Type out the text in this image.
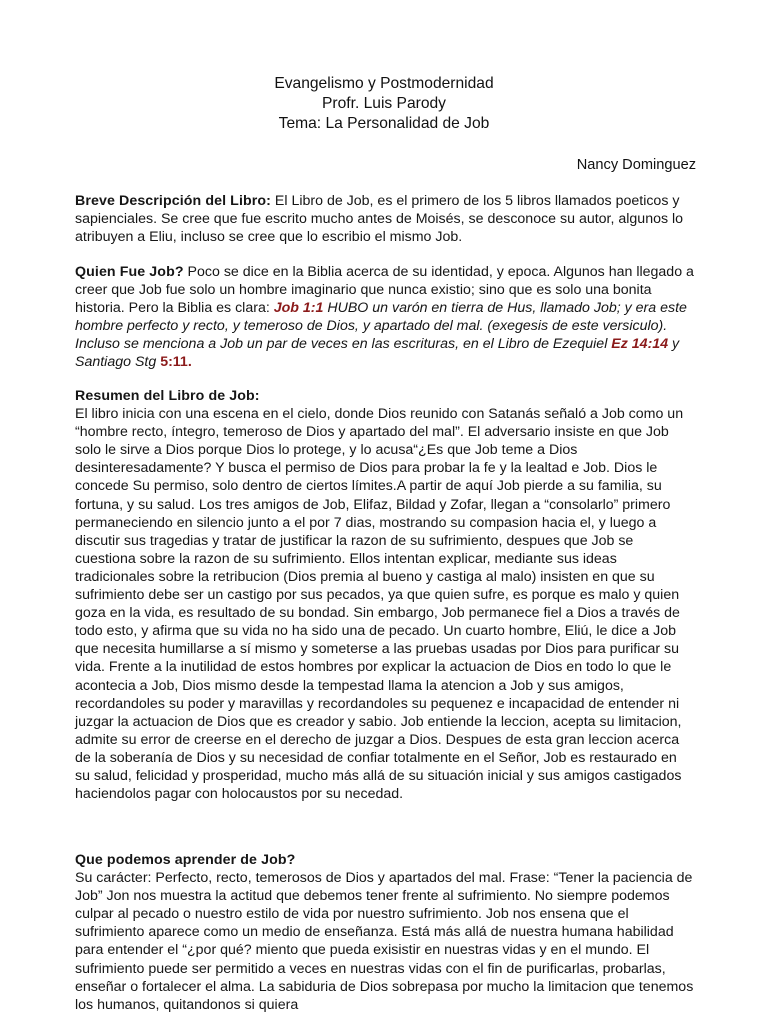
Evangelismo y Postmodernidad
Profr. Luis Parody
Tema: La Personalidad de Job
Nancy Dominguez
Breve Descripción del Libro: El Libro de Job, es el primero de los 5 libros llamados poeticos y sapienciales. Se cree que fue escrito mucho antes de Moisés, se desconoce su autor, algunos lo atribuyen a Eliu, incluso se cree que lo escribio el mismo Job.
Quien Fue Job? Poco se dice en la Biblia acerca de su identidad, y epoca. Algunos han llegado a creer que Job fue solo un hombre imaginario que nunca existio; sino que es solo una bonita historia. Pero la Biblia es clara: Job 1:1 HUBO un varón en tierra de Hus, llamado Job; y era este hombre perfecto y recto, y temeroso de Dios, y apartado del mal. (exegesis de este versiculo). Incluso se menciona a Job un par de veces en las escrituras, en el Libro de Ezequiel Ez 14:14 y Santiago Stg 5:11.
Resumen del Libro de Job:
El libro inicia con una escena en el cielo, donde Dios reunido con Satanás señaló a Job como un “hombre recto, íntegro, temeroso de Dios y apartado del mal”. El adversario insiste en que Job solo le sirve a Dios porque Dios lo protege, y lo acusa“¿Es que Job teme a Dios desinteresadamente? Y busca el permiso de Dios para probar la fe y la lealtad e Job. Dios le concede Su permiso, solo dentro de ciertos límites.A partir de aquí Job pierde a su familia, su fortuna, y su salud. Los tres amigos de Job, Elifaz, Bildad y Zofar, llegan a “consolarlo” primero permaneciendo en silencio junto a el por 7 dias, mostrando su compasion hacia el, y luego a discutir sus tragedias y tratar de justificar la razon de su sufrimiento, despues que Job se cuestiona sobre la razon de su sufrimiento. Ellos intentan explicar, mediante sus ideas tradicionales sobre la retribucion (Dios premia al bueno y castiga al malo) insisten en que su sufrimiento debe ser un castigo por sus pecados, ya que quien sufre, es porque es malo y quien goza en la vida, es resultado de su bondad. Sin embargo, Job permanece fiel a Dios a través de todo esto, y afirma que su vida no ha sido una de pecado. Un cuarto hombre, Eliú, le dice a Job que necesita humillarse a sí mismo y someterse a las pruebas usadas por Dios para purificar su vida. Frente a la inutilidad de estos hombres por explicar la actuacion de Dios en todo lo que le acontecia a Job, Dios mismo desde la tempestad llama la atencion a Job y sus amigos, recordandoles su poder y maravillas y recordandoles su pequenez e incapacidad de entender ni juzgar la actuacion de Dios que es creador y sabio. Job entiende la leccion, acepta su limitacion, admite su error de creerse en el derecho de juzgar a Dios. Despues de esta gran leccion acerca de la soberanía de Dios y su necesidad de confiar totalmente en el Señor, Job es restaurado en su salud, felicidad y prosperidad, mucho más allá de su situación inicial y sus amigos castigados haciendolos pagar con holocaustos por su necedad.
Que podemos aprender de Job?
Su carácter: Perfecto, recto, temerosos de Dios y apartados del mal. Frase: “Tener la paciencia de Job” Jon nos muestra la actitud que debemos tener frente al sufrimiento. No siempre podemos culpar al pecado o nuestro estilo de vida por nuestro sufrimiento. Job nos ensena que el sufrimiento aparece como un medio de enseñanza. Está más allá de nuestra humana habilidad para entender el “¿por qué? miento que pueda exisistir en nuestras vidas y en el mundo. El sufrimiento puede ser permitido a veces en nuestras vidas con el fin de purificarlas, probarlas, enseñar o fortalecer el alma. La sabiduria de Dios sobrepasa por mucho la limitacion que tenemos los humanos, quitandonos si quiera
